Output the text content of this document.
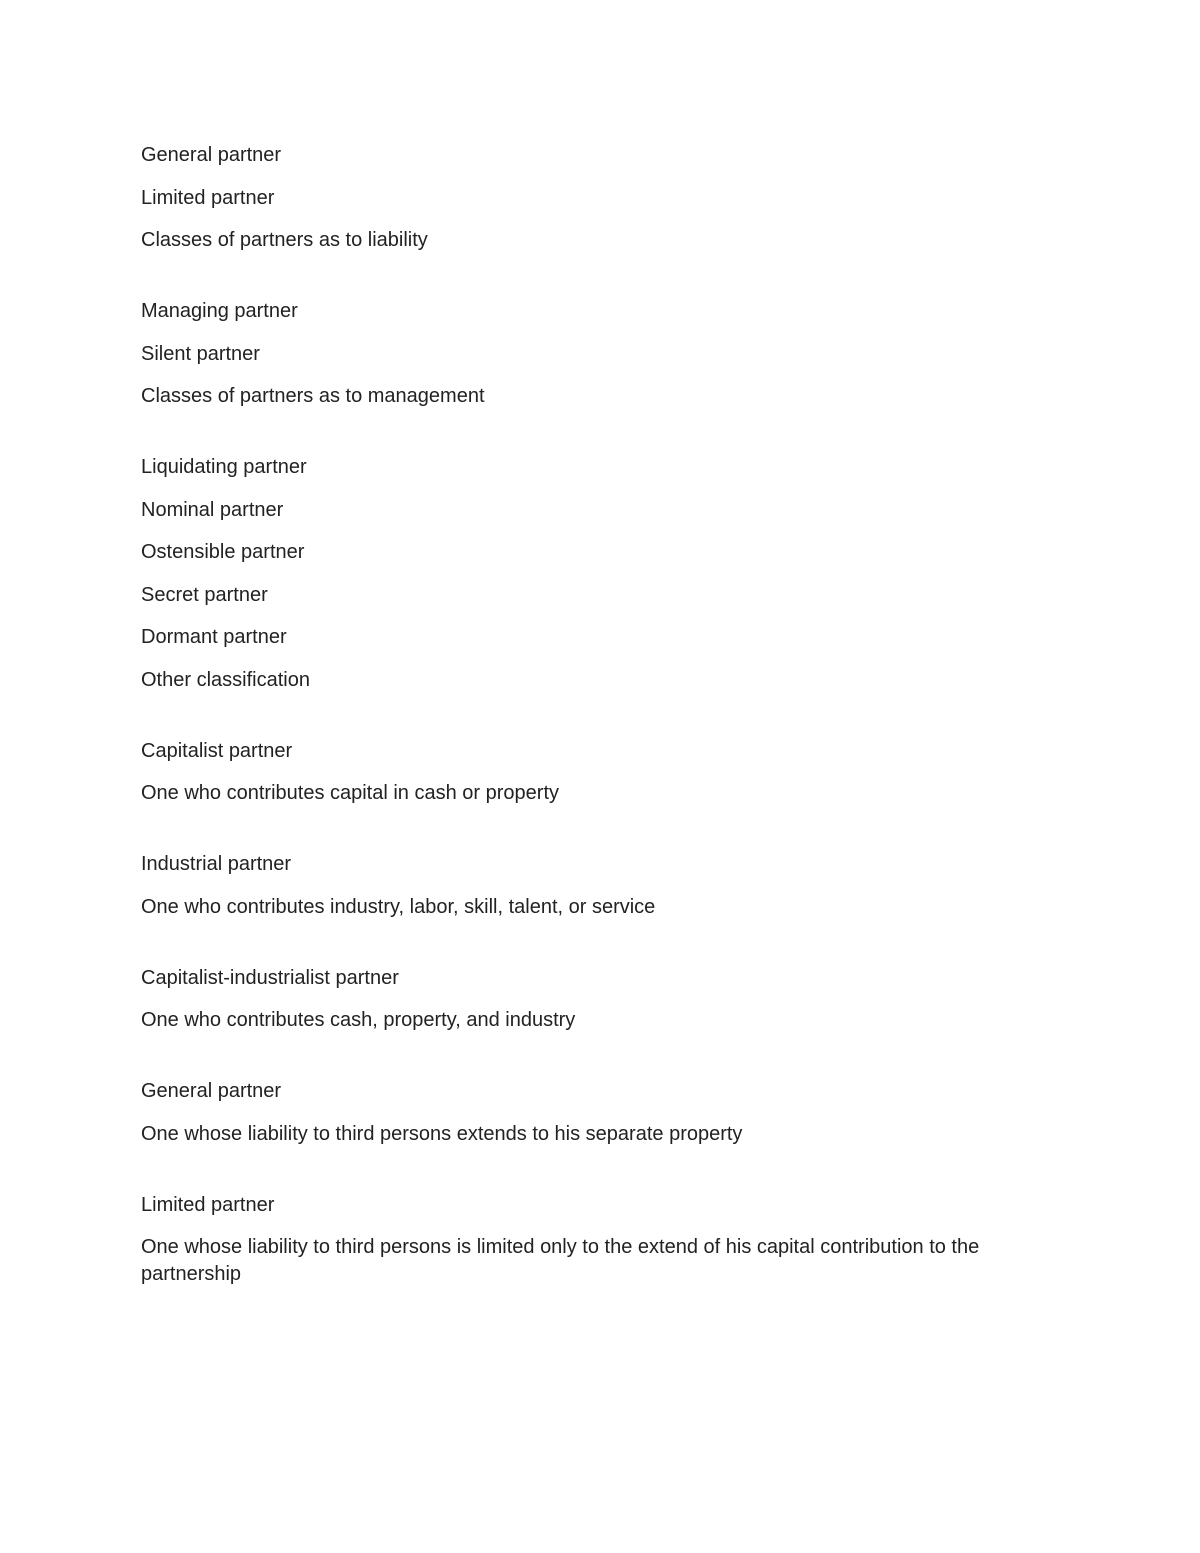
General partner
Limited partner
Classes of partners as to liability
Managing partner
Silent partner
Classes of partners as to management
Liquidating partner
Nominal partner
Ostensible partner
Secret partner
Dormant partner
Other classification
Capitalist partner
One who contributes capital in cash or property
Industrial partner
One who contributes industry, labor, skill, talent, or service
Capitalist-industrialist partner
One who contributes cash, property, and industry
General partner
One whose liability to third persons extends to his separate property
Limited partner
One whose liability to third persons is limited only to the extend of his capital contribution to the partnership
